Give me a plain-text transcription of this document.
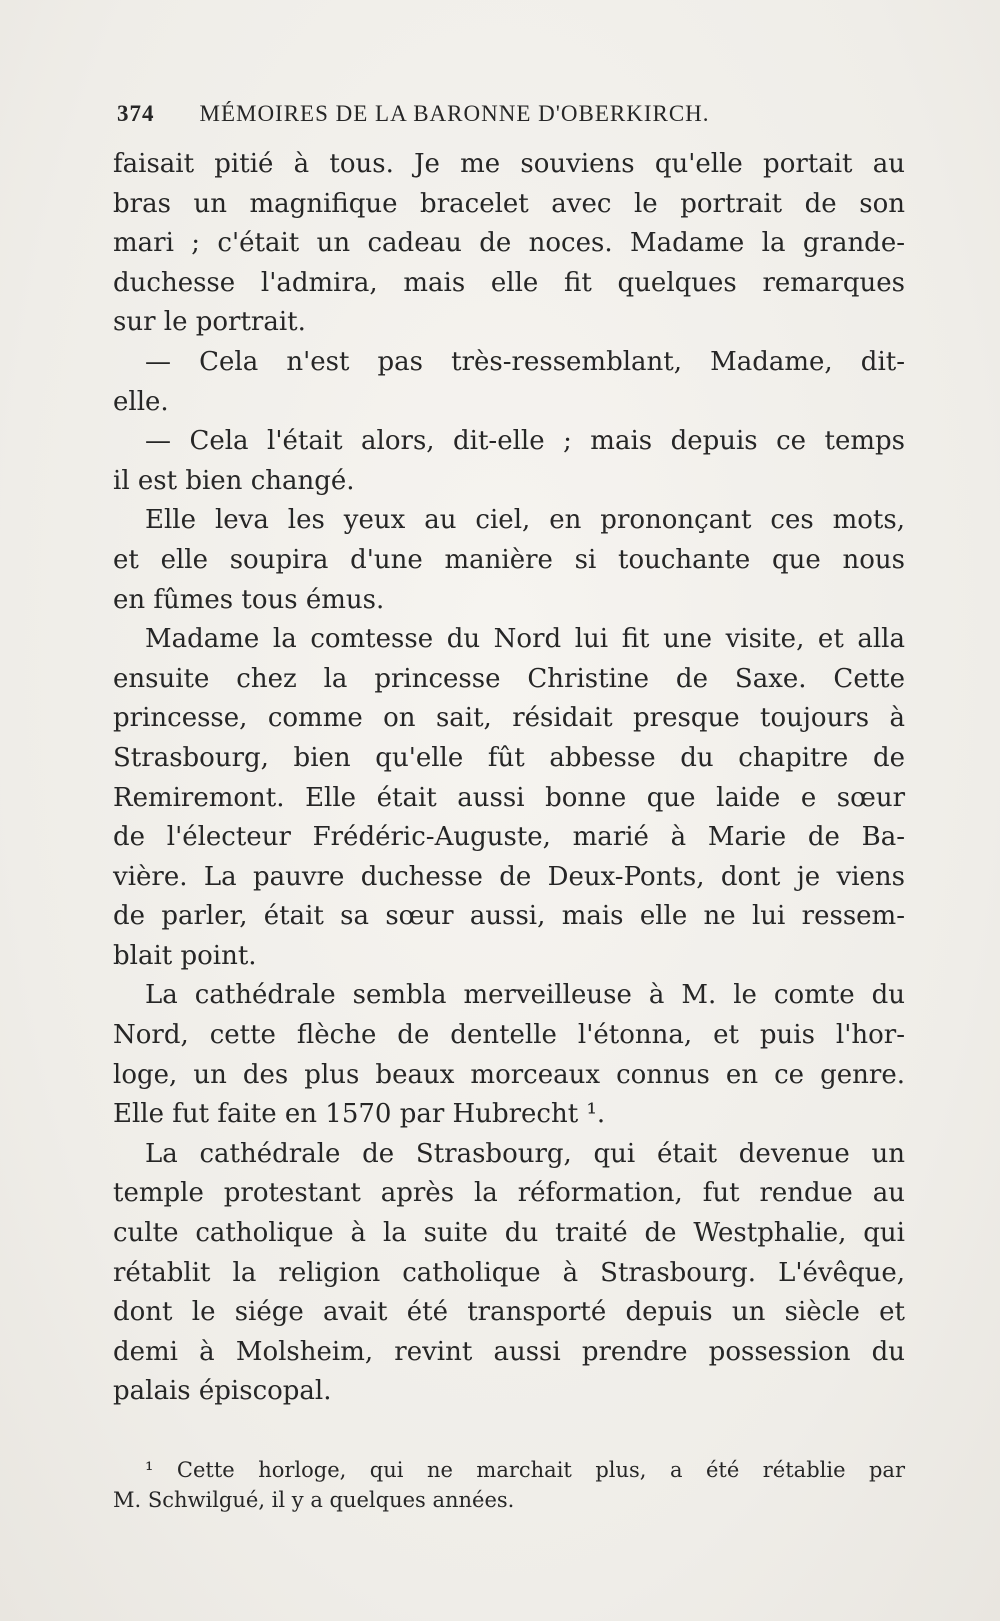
374 MÉMOIRES DE LA BARONNE D'OBERKIRCH.
faisait pitié à tous. Je me souviens qu'elle portait au
bras un magnifique bracelet avec le portrait de son
mari ; c'était un cadeau de noces. Madame la grande-
duchesse l'admira, mais elle fit quelques remarques
sur le portrait.
— Cela n'est pas très-ressemblant, Madame, dit-
elle.
— Cela l'était alors, dit-elle ; mais depuis ce temps
il est bien changé.
Elle leva les yeux au ciel, en prononçant ces mots,
et elle soupira d'une manière si touchante que nous
en fûmes tous émus.
Madame la comtesse du Nord lui fit une visite, et alla
ensuite chez la princesse Christine de Saxe. Cette
princesse, comme on sait, résidait presque toujours à
Strasbourg, bien qu'elle fût abbesse du chapitre de
Remiremont. Elle était aussi bonne que laide e sœur
de l'électeur Frédéric-Auguste, marié à Marie de Ba-
vière. La pauvre duchesse de Deux-Ponts, dont je viens
de parler, était sa sœur aussi, mais elle ne lui ressem-
blait point.
La cathédrale sembla merveilleuse à M. le comte du
Nord, cette flèche de dentelle l'étonna, et puis l'hor-
loge, un des plus beaux morceaux connus en ce genre.
Elle fut faite en 1570 par Hubrecht ¹.
La cathédrale de Strasbourg, qui était devenue un
temple protestant après la réformation, fut rendue au
culte catholique à la suite du traité de Westphalie, qui
rétablit la religion catholique à Strasbourg. L'évêque,
dont le siége avait été transporté depuis un siècle et
demi à Molsheim, revint aussi prendre possession du
palais épiscopal.
¹ Cette horloge, qui ne marchait plus, a été rétablie par
M. Schwilgué, il y a quelques années.
